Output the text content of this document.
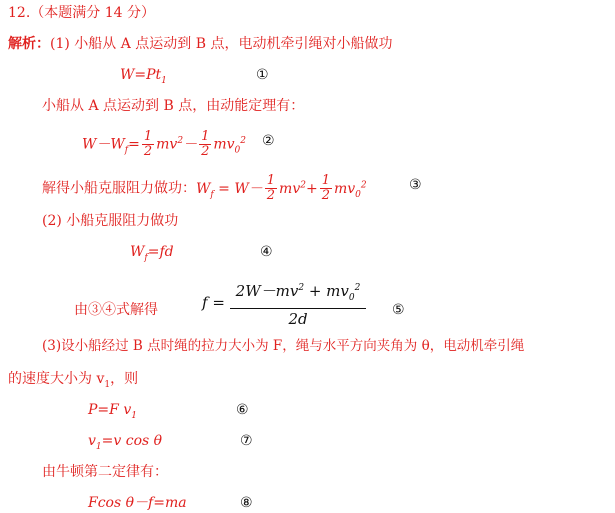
12.（本题满分 14 分）
解析：(1) 小船从 A 点运动到 B 点，电动机牵引绳对小船做功
$W=Pt_1$	①
小船从 A 点运动到 B 点，由动能定理有：
$W-W_f= \frac{1}{2} mv^2- \frac{1}{2} mv_0^2$ ②
解得小船克服阻力做功：$W_f = W- \frac{1}{2} mv^2+ \frac{1}{2} mv_0^2$	③
(2) 小船克服阻力做功
$W_f=fd$	④
由③④式解得	$f = \frac{2W-mv^2 + mv_0^2}{2d}$ ⑤
(3)设小船经过 B 点时绳的拉力大小为 F，绳与水平方向夹角为 θ，电动机牵引绳
的速度大小为 $v_1$，则
P=F $v_1$	⑥
$v_1=v$ cos θ	⑦
由牛顿第二定律有：
Fcos θ－f=ma	⑧
